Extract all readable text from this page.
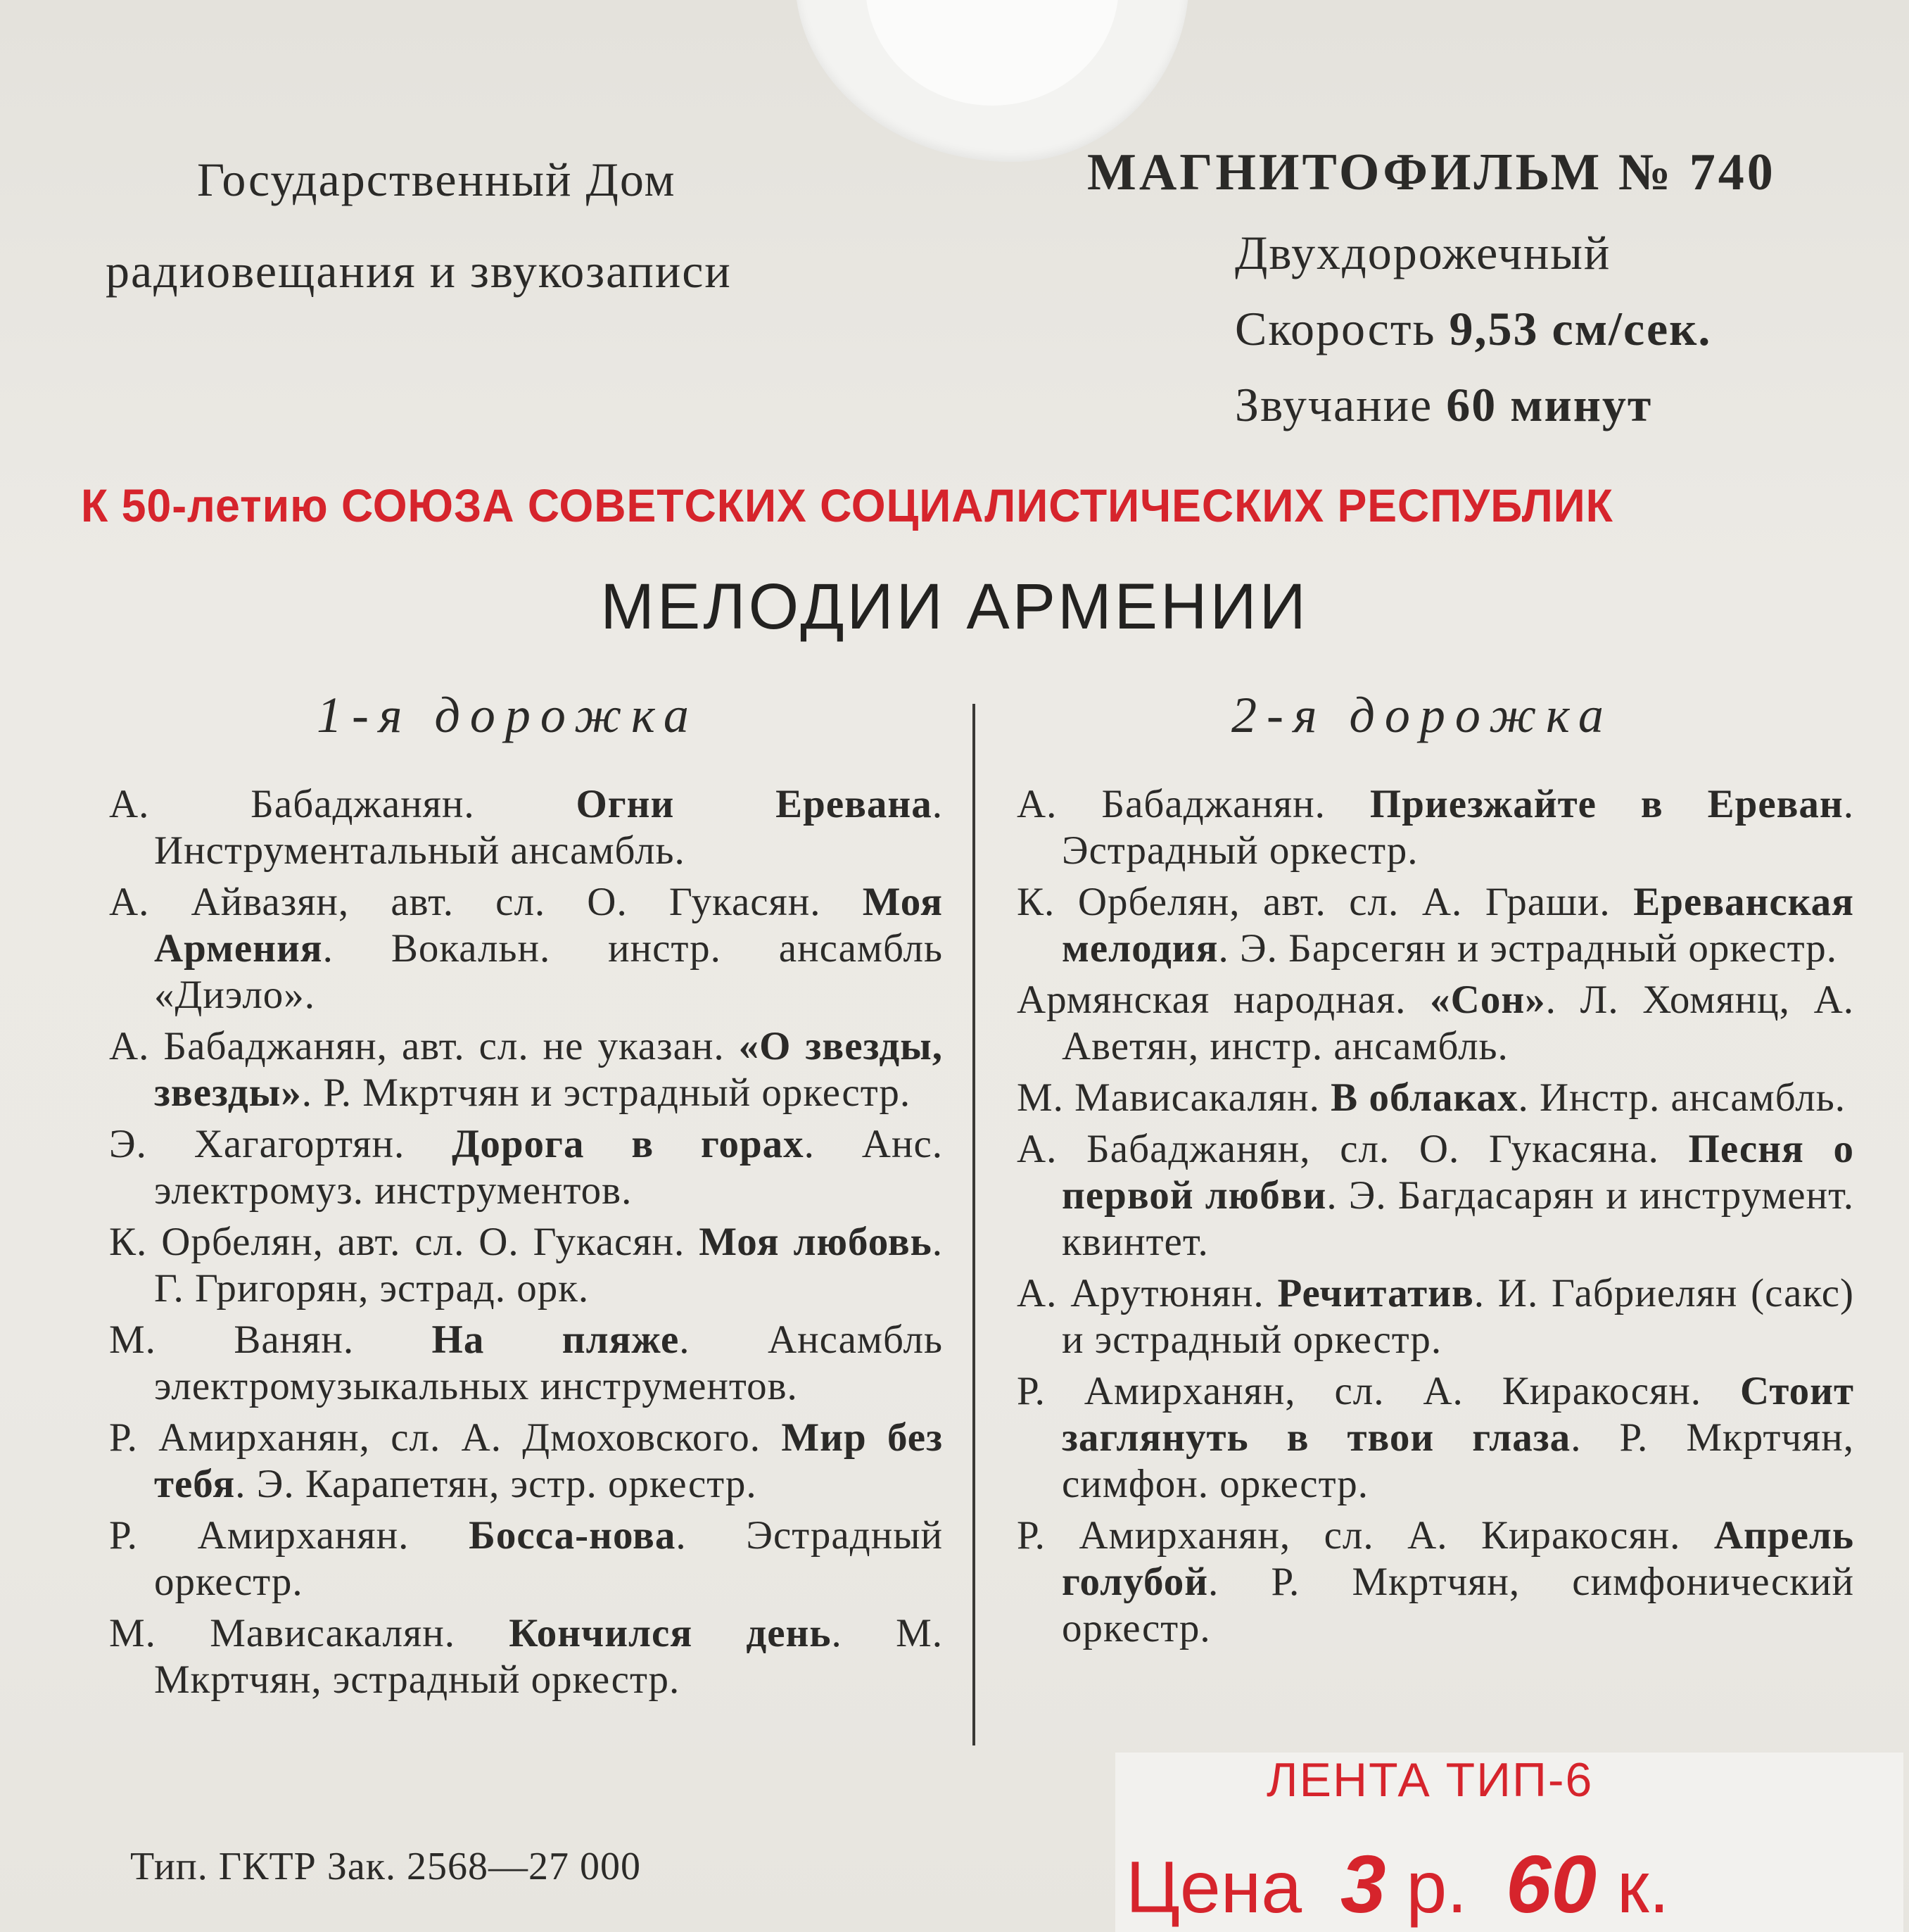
Государственный Дом
радиовещания и звукозаписи
МАГНИТОФИЛЬМ № 740
Двухдорожечный
Скорость 9,53 см/сек.
Звучание 60 минут
К 50-летию СОЮЗА СОВЕТСКИХ СОЦИАЛИСТИЧЕСКИХ РЕСПУБЛИК
МЕЛОДИИ АРМЕНИИ
1-я дорожка	2-я дорожка
А. Бабаджанян. Огни Еревана. Инструментальный ансамбль.
А. Айвазян, авт. сл. О. Гукасян. Моя Армения. Вокальн. инстр. ансамбль «Диэло».
А. Бабаджанян, авт. сл. не указан. «О звезды, звезды». Р. Мкртчян и эстрадный оркестр.
Э. Хагагортян. Дорога в горах. Анс. электромуз. инструментов.
К. Орбелян, авт. сл. О. Гукасян. Моя любовь. Г. Григорян, эстрад. орк.
М. Ванян. На пляже. Ансамбль электромузыкальных инструментов.
Р. Амирханян, сл. А. Дмоховского. Мир без тебя. Э. Карапетян, эстр. оркестр.
Р. Амирханян. Босса-нова. Эстрадный оркестр.
М. Мависакалян. Кончился день. М. Мкртчян, эстрадный оркестр.
А. Бабаджанян. Приезжайте в Ереван. Эстрадный оркестр.
К. Орбелян, авт. сл. А. Граши. Ереванская мелодия. Э. Барсегян и эстрадный оркестр.
Армянская народная. «Сон». Л. Хомянц, А. Аветян, инстр. ансамбль.
М. Мависакалян. В облаках. Инстр. ансамбль.
А. Бабаджанян, сл. О. Гукасяна. Песня о первой любви. Э. Багдасарян и инструмент. квинтет.
А. Арутюнян. Речитатив. И. Габриелян (сакс) и эстрадный оркестр.
Р. Амирханян, сл. А. Киракосян. Стоит заглянуть в твои глаза. Р. Мкртчян, симфон. оркестр.
Р. Амирханян, сл. А. Киракосян. Апрель голубой. Р. Мкртчян, симфонический оркестр.
Тип. ГКТР Зак. 2568—27 000
ЛЕНТА ТИП-6
Цена 3 р. 60 к.
